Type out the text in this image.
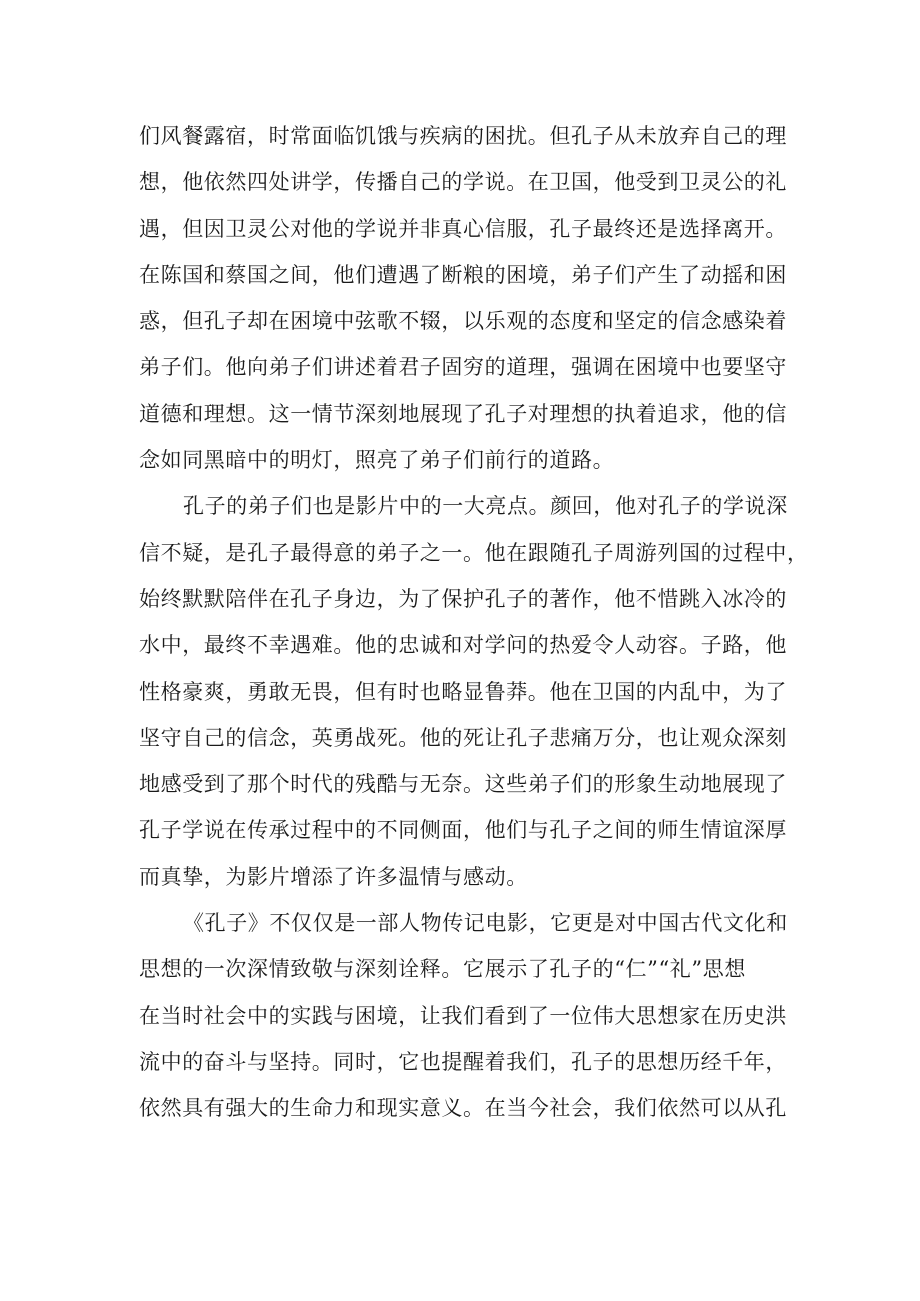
们风餐露宿，时常面临饥饿与疾病的困扰。但孔子从未放弃自己的理
想，他依然四处讲学，传播自己的学说。在卫国，他受到卫灵公的礼
遇，但因卫灵公对他的学说并非真心信服，孔子最终还是选择离开。
在陈国和蔡国之间，他们遭遇了断粮的困境，弟子们产生了动摇和困
惑，但孔子却在困境中弦歌不辍，以乐观的态度和坚定的信念感染着
弟子们。他向弟子们讲述着君子固穷的道理，强调在困境中也要坚守
道德和理想。这一情节深刻地展现了孔子对理想的执着追求，他的信
念如同黑暗中的明灯，照亮了弟子们前行的道路。
孔子的弟子们也是影片中的一大亮点。颜回，他对孔子的学说深
信不疑，是孔子最得意的弟子之一。他在跟随孔子周游列国的过程中，
始终默默陪伴在孔子身边，为了保护孔子的著作，他不惜跳入冰冷的
水中，最终不幸遇难。他的忠诚和对学问的热爱令人动容。子路，他
性格豪爽，勇敢无畏，但有时也略显鲁莽。他在卫国的内乱中，为了
坚守自己的信念，英勇战死。他的死让孔子悲痛万分，也让观众深刻
地感受到了那个时代的残酷与无奈。这些弟子们的形象生动地展现了
孔子学说在传承过程中的不同侧面，他们与孔子之间的师生情谊深厚
而真挚，为影片增添了许多温情与感动。
《孔子》不仅仅是一部人物传记电影，它更是对中国古代文化和
思想的一次深情致敬与深刻诠释。它展示了孔子的“仁”“礼”思想
在当时社会中的实践与困境，让我们看到了一位伟大思想家在历史洪
流中的奋斗与坚持。同时，它也提醒着我们，孔子的思想历经千年，
依然具有强大的生命力和现实意义。在当今社会，我们依然可以从孔
